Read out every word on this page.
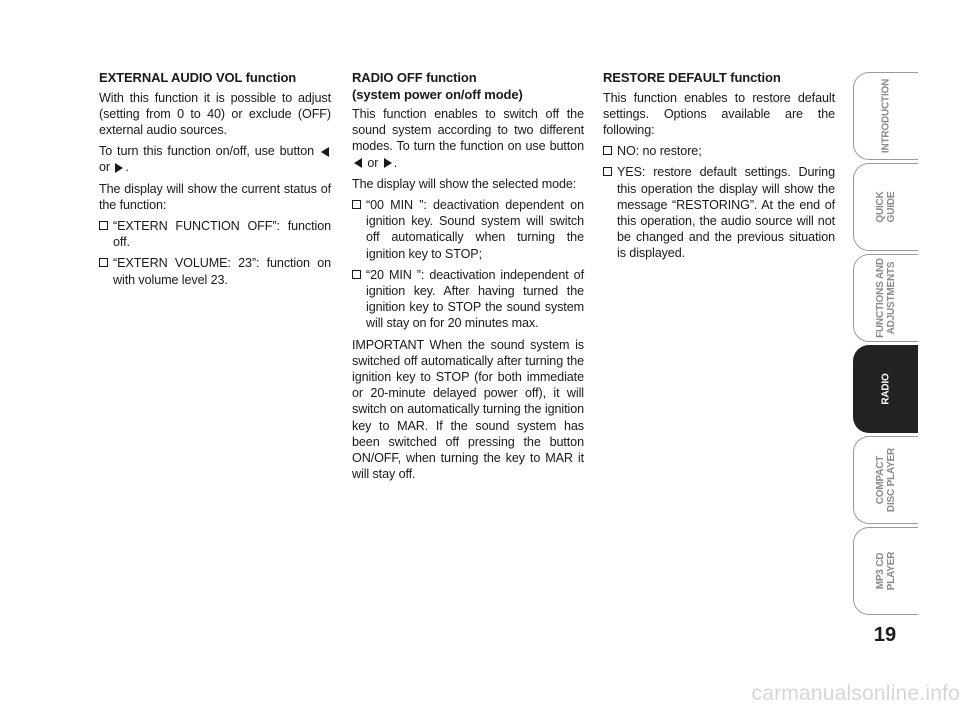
EXTERNAL AUDIO VOL function

With this function it is possible to adjust (setting from 0 to 40) or exclude (OFF) external audio sources.

To turn this function on/off, use button  or .

The display will show the current status of the function:

“EXTERN FUNCTION OFF”: function off.
“EXTERN VOLUME: 23”: function on with volume level 23.
RADIO OFF function
(system power on/off mode)

This function enables to switch off the sound system according to two different modes. To turn the function on use button  or .

The display will show the selected mode:

“00 MIN ”: deactivation dependent on ignition key. Sound system will switch off automatically when turning the ignition key to STOP;
“20 MIN ”: deactivation independent of ignition key. After having turned the ignition key to STOP the sound system will stay on for 20 minutes max.

IMPORTANT When the sound system is switched off automatically after turning the ignition key to STOP (for both immediate or 20-minute delayed power off), it will switch on automatically turning the ignition key to MAR. If the sound system has been switched off pressing the button ON/OFF, when turning the key to MAR it will stay off.

RESTORE DEFAULT function

This function enables to restore default settings. Options available are the following:

NO: no restore;
YES: restore default settings. During this operation the display will show the message “RESTORING”. At the end of this operation, the audio source will not be changed and the previous situation is displayed.
INTRODUCTION
QUICK
GUIDE
FUNCTIONS AND
ADJUSTMENTS
RADIO
COMPACT
DISC PLAYER
MP3 CD
PLAYER
19
carmanualsonline.info
